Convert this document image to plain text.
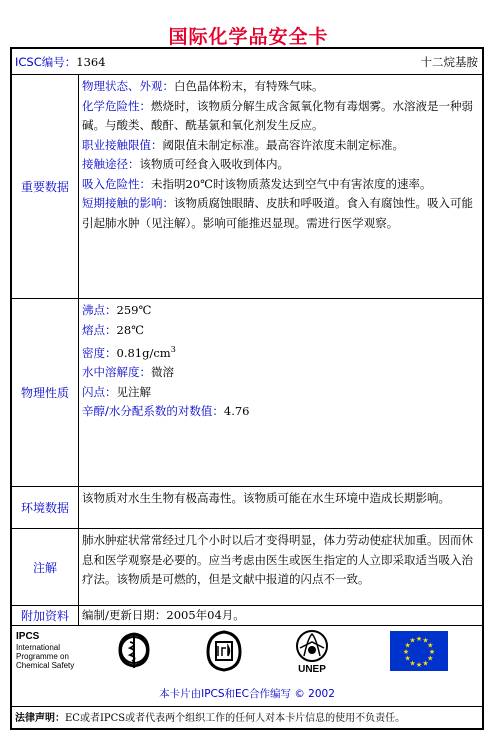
国际化学品安全卡
ICSC编号：1364	十二烷基胺
重要数据
物理状态、外观：白色晶体粉末，有特殊气味。
化学危险性：燃烧时，该物质分解生成含氮氧化物有毒烟雾。水溶液是一种弱碱。与酸类、酸酐、酰基氯和氧化剂发生反应。
职业接触限值：阈限值未制定标准。最高容许浓度未制定标准。
接触途径：该物质可经食入吸收到体内。
吸入危险性：未指明20℃时该物质蒸发达到空气中有害浓度的速率。
短期接触的影响：该物质腐蚀眼睛、皮肤和呼吸道。食入有腐蚀性。吸入可能引起肺水肿（见注解）。影响可能推迟显现。需进行医学观察。
物理性质
沸点：259℃
熔点：28℃
密度：$0.81g/cm^3$
水中溶解度：微溶
闪点：见注解
辛醇/水分配系数的对数值：4.76
环境数据
该物质对水生生物有极高毒性。该物质可能在水生环境中造成长期影响。
注解
肺水肿症状常常经过几个小时以后才变得明显，体力劳动使症状加重。因而休息和医学观察是必要的。应当考虑由医生或医生指定的人立即采取适当吸入治疗法。该物质是可燃的，但是文献中报道的闪点不一致。
附加资料	编制/更新日期：2005年04月。
IPCS
International
Programme on
Chemical Safety	UNEP
★
★
★
★
★
★
★
★
★ ★ ★
★
本卡片由IPCS和EC合作编写 © 2002
法律声明：EC或者IPCS或者代表两个组织工作的任何人对本卡片信息的使用不负责任。
